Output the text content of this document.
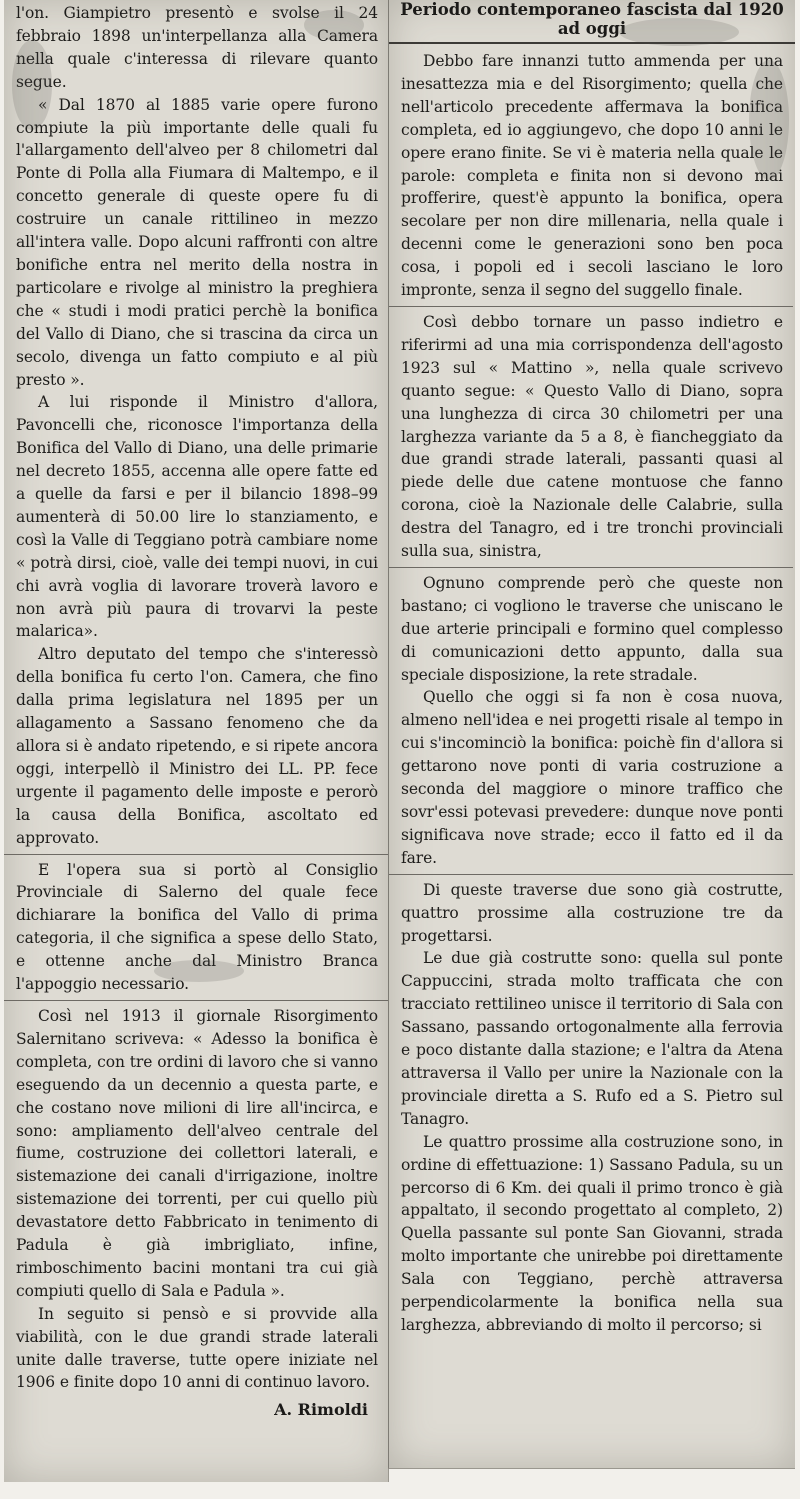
l'on. Giampietro presentò e svolse il 24 febbraio 1898 un'interpellanza alla Camera nella quale c'interessa di rilevare quanto segue.

« Dal 1870 al 1885 varie opere furono compiute la più importante delle quali fu l'allargamento dell'alveo per 8 chilometri dal Ponte di Polla alla Fiumara di Maltempo, e il concetto generale di queste opere fu di costruire un canale rittilineo in mezzo all'intera valle. Dopo alcuni raffronti con altre bonifiche entra nel merito della nostra in particolare e rivolge al ministro la preghiera che « studi i modi pratici perchè la bonifica del Vallo di Diano, che si trascina da circa un secolo, divenga un fatto compiuto e al più presto ».

A lui risponde il Ministro d'allora, Pavoncelli che, riconosce l'importanza della Bonifica del Vallo di Diano, una delle primarie nel decreto 1855, accenna alle opere fatte ed a quelle da farsi e per il bilancio 1898–99 aumenterà di 50.00 lire lo stanziamento, e così la Valle di Teggiano potrà cambiare nome « potrà dirsi, cioè, valle dei tempi nuovi, in cui chi avrà voglia di lavorare troverà lavoro e non avrà più paura di trovarvi la peste malarica».

Altro deputato del tempo che s'interessò della bonifica fu certo l'on. Camera, che fino dalla prima legislatura nel 1895 per un allagamento a Sassano fenomeno che da allora si è andato ripetendo, e si ripete ancora oggi, interpellò il Ministro dei LL. PP. fece urgente il pagamento delle imposte e perorò la causa della Bonifica, ascoltato ed approvato.

E l'opera sua si portò al Consiglio Provinciale di Salerno del quale fece dichiarare la bonifica del Vallo di prima categoria, il che significa a spese dello Stato, e ottenne anche dal Ministro Branca l'appoggio necessario.

Così nel 1913 il giornale Risorgimento Salernitano scriveva: « Adesso la bonifica è completa, con tre ordini di lavoro che si vanno eseguendo da un decennio a questa parte, e che costano nove milioni di lire all'incirca, e sono: ampliamento dell'alveo centrale del fiume, costruzione dei collettori laterali, e sistemazione dei canali d'irrigazione, inoltre sistemazione dei torrenti, per cui quello più devastatore detto Fabbricato in tenimento di Padula è già imbrigliato, infine, rimboschimento bacini montani tra cui già compiuti quello di Sala e Padula ».

In seguito si pensò e si provvide alla viabilità, con le due grandi strade laterali unite dalle traverse, tutte opere iniziate nel 1906 e finite dopo 10 anni di continuo lavoro.

A. Rimoldi
Periodo contemporaneo fascista dal 1920 ad oggi

Debbo fare innanzi tutto ammenda per una inesattezza mia e del Risorgimento; quella che nell'articolo precedente affermava la bonifica completa, ed io aggiungevo, che dopo 10 anni le opere erano finite. Se vi è materia nella quale le parole: completa e finita non si devono mai profferire, quest'è appunto la bonifica, opera secolare per non dire millenaria, nella quale i decenni come le generazioni sono ben poca cosa, i popoli ed i secoli lasciano le loro impronte, senza il segno del suggello finale.

Così debbo tornare un passo indietro e riferirmi ad una mia corrispondenza dell'agosto 1923 sul « Mattino », nella quale scrivevo quanto segue: « Questo Vallo di Diano, sopra una lunghezza di circa 30 chilometri per una larghezza variante da 5 a 8, è fiancheggiato da due grandi strade laterali, passanti quasi al piede delle due catene montuose che fanno corona, cioè la Nazionale delle Calabrie, sulla destra del Tanagro, ed i tre tronchi provinciali sulla sua, sinistra,

Ognuno comprende però che queste non bastano; ci vogliono le traverse che uniscano le due arterie principali e formino quel complesso di comunicazioni detto appunto, dalla sua speciale disposizione, la rete stradale.

Quello che oggi si fa non è cosa nuova, almeno nell'idea e nei progetti risale al tempo in cui s'incominciò la bonifica: poichè fin d'allora si gettarono nove ponti di varia costruzione a seconda del maggiore o minore traffico che sovr'essi potevasi prevedere: dunque nove ponti significava nove strade; ecco il fatto ed il da fare.

Di queste traverse due sono già costrutte, quattro prossime alla costruzione tre da progettarsi.

Le due già costrutte sono: quella sul ponte Cappuccini, strada molto trafficata che con tracciato rettilineo unisce il territorio di Sala con Sassano, passando ortogonalmente alla ferrovia e poco distante dalla stazione; e l'altra da Atena attraversa il Vallo per unire la Nazionale con la provinciale diretta a S. Rufo ed a S. Pietro sul Tanagro.

Le quattro prossime alla costruzione sono, in ordine di effettuazione: 1) Sassano Padula, su un percorso di 6 Km. dei quali il primo tronco è già appaltato, il secondo progettato al completo, 2) Quella passante sul ponte San Giovanni, strada molto importante che unirebbe poi direttamente Sala con Teggiano, perchè attraversa perpendicolarmente la bonifica nella sua larghezza, abbreviando di molto il percorso; si
